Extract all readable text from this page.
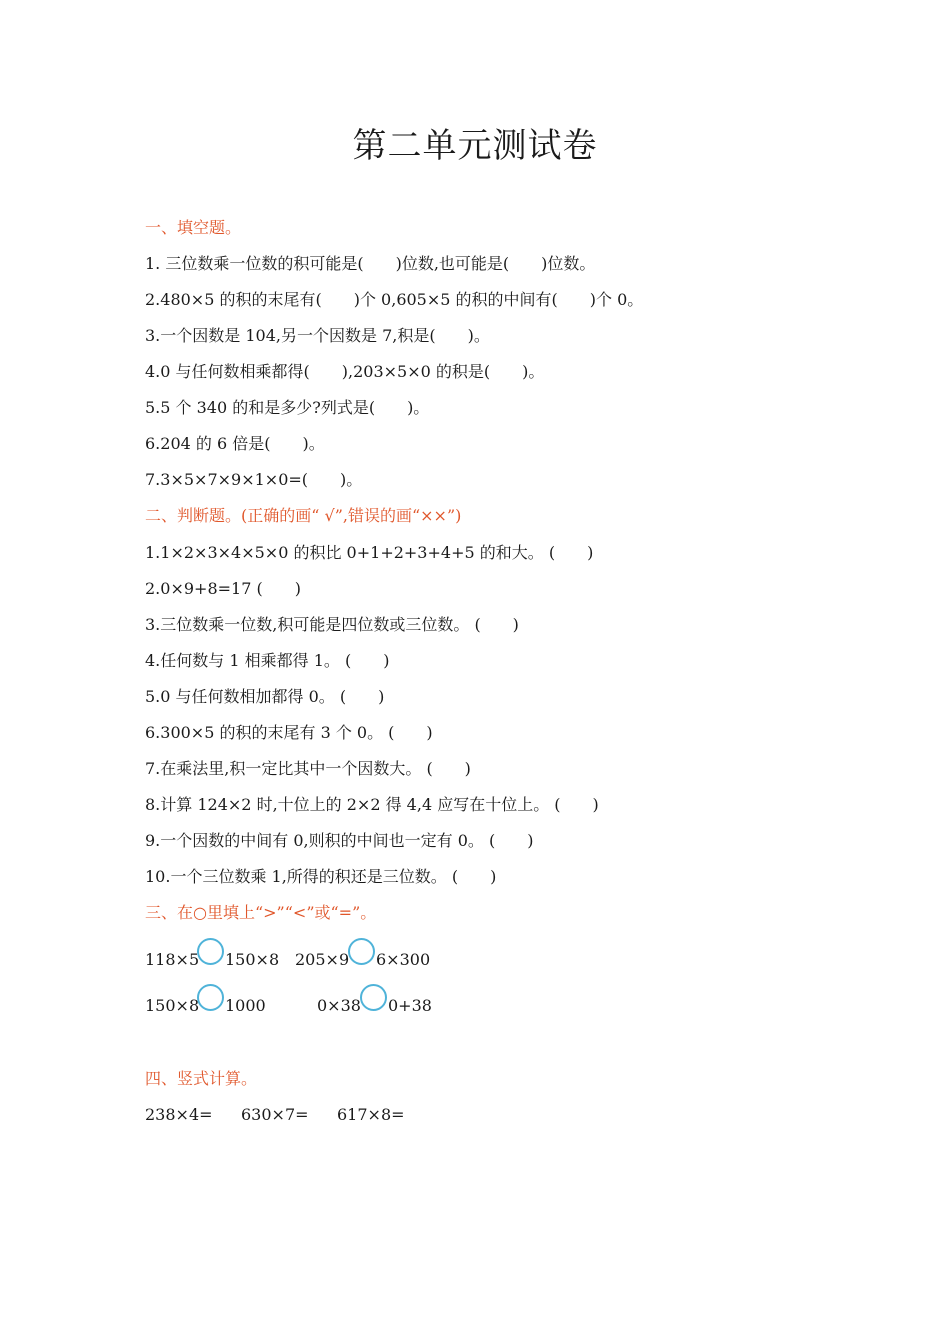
第二单元测试卷
一、填空题。
1. 三位数乘一位数的积可能是(　　)位数,也可能是(　　)位数。
2.480×5 的积的末尾有(　　)个 0,605×5 的积的中间有(　　)个 0。
3.一个因数是 104,另一个因数是 7,积是(　　)。
4.0 与任何数相乘都得(　　),203×5×0 的积是(　　)。
5.5 个 340 的和是多少?列式是(　　)。
6.204 的 6 倍是(　　)。
7.3×5×7×9×1×0=(　　)。
二、判断题。(正确的画“ √”,错误的画“××”)
1.1×2×3×4×5×0 的积比 0+1+2+3+4+5 的和大。 (　　)
2.0×9+8=17 (　　)
3.三位数乘一位数,积可能是四位数或三位数。 (　　)
4.任何数与 1 相乘都得 1。 (　　)
5.0 与任何数相加都得 0。 (　　)
6.300×5 的积的末尾有 3 个 0。 (　　)
7.在乘法里,积一定比其中一个因数大。 (　　)
8.计算 124×2 时,十位上的 2×2 得 4,4 应写在十位上。 (　　)
9.一个因数的中间有 0,则积的中间也一定有 0。 (　　)
10.一个三位数乘 1,所得的积还是三位数。 (　　)
三、在○里填上“>”“<”或“=”。
118×5 150×8 205×9 6×300
150×8 1000	0×38 0+38
四、竖式计算。
238×4= 630×7= 617×8=
